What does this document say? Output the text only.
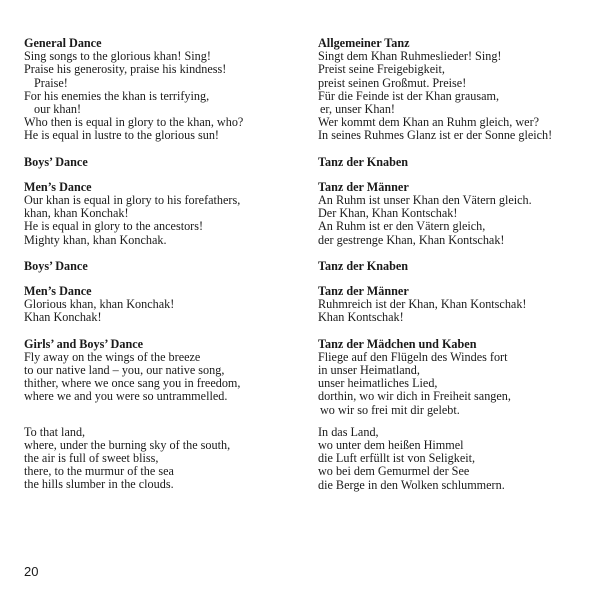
General Dance
Sing songs to the glorious khan! Sing!
Praise his generosity, praise his kindness!
Praise!
For his enemies the khan is terrifying,
our khan!
Who then is equal in glory to the khan, who?
He is equal in lustre to the glorious sun!
Boys’ Dance
Men’s Dance
Our khan is equal in glory to his forefathers,
khan, khan Konchak!
He is equal in glory to the ancestors!
Mighty khan, khan Konchak.
Boys’ Dance
Men’s Dance
Glorious khan, khan Konchak!
Khan Konchak!
Girls’ and Boys’ Dance
Fly away on the wings of the breeze
to our native land – you, our native song,
thither, where we once sang you in freedom,
where we and you were so untrammelled.
To that land,
where, under the burning sky of the south,
the air is full of sweet bliss,
there, to the murmur of the sea
the hills slumber in the clouds.
Allgemeiner Tanz
Singt dem Khan Ruhmeslieder! Sing!
Preist seine Freigebigkeit,
preist seinen Großmut. Preise!
Für die Feinde ist der Khan grausam,
er, unser Khan!
Wer kommt dem Khan an Ruhm gleich, wer?
In seines Ruhmes Glanz ist er der Sonne gleich!
Tanz der Knaben
Tanz der Männer
An Ruhm ist unser Khan den Vätern gleich.
Der Khan, Khan Kontschak!
An Ruhm ist er den Vätern gleich,
der gestrenge Khan, Khan Kontschak!
Tanz der Knaben
Tanz der Männer
Ruhmreich ist der Khan, Khan Kontschak!
Khan Kontschak!
Tanz der Mädchen und Kaben
Fliege auf den Flügeln des Windes fort
in unser Heimatland,
unser heimatliches Lied,
dorthin, wo wir dich in Freiheit sangen,
wo wir so frei mit dir gelebt.
In das Land,
wo unter dem heißen Himmel
die Luft erfüllt ist von Seligkeit,
wo bei dem Gemurmel der See
die Berge in den Wolken schlummern.
20
